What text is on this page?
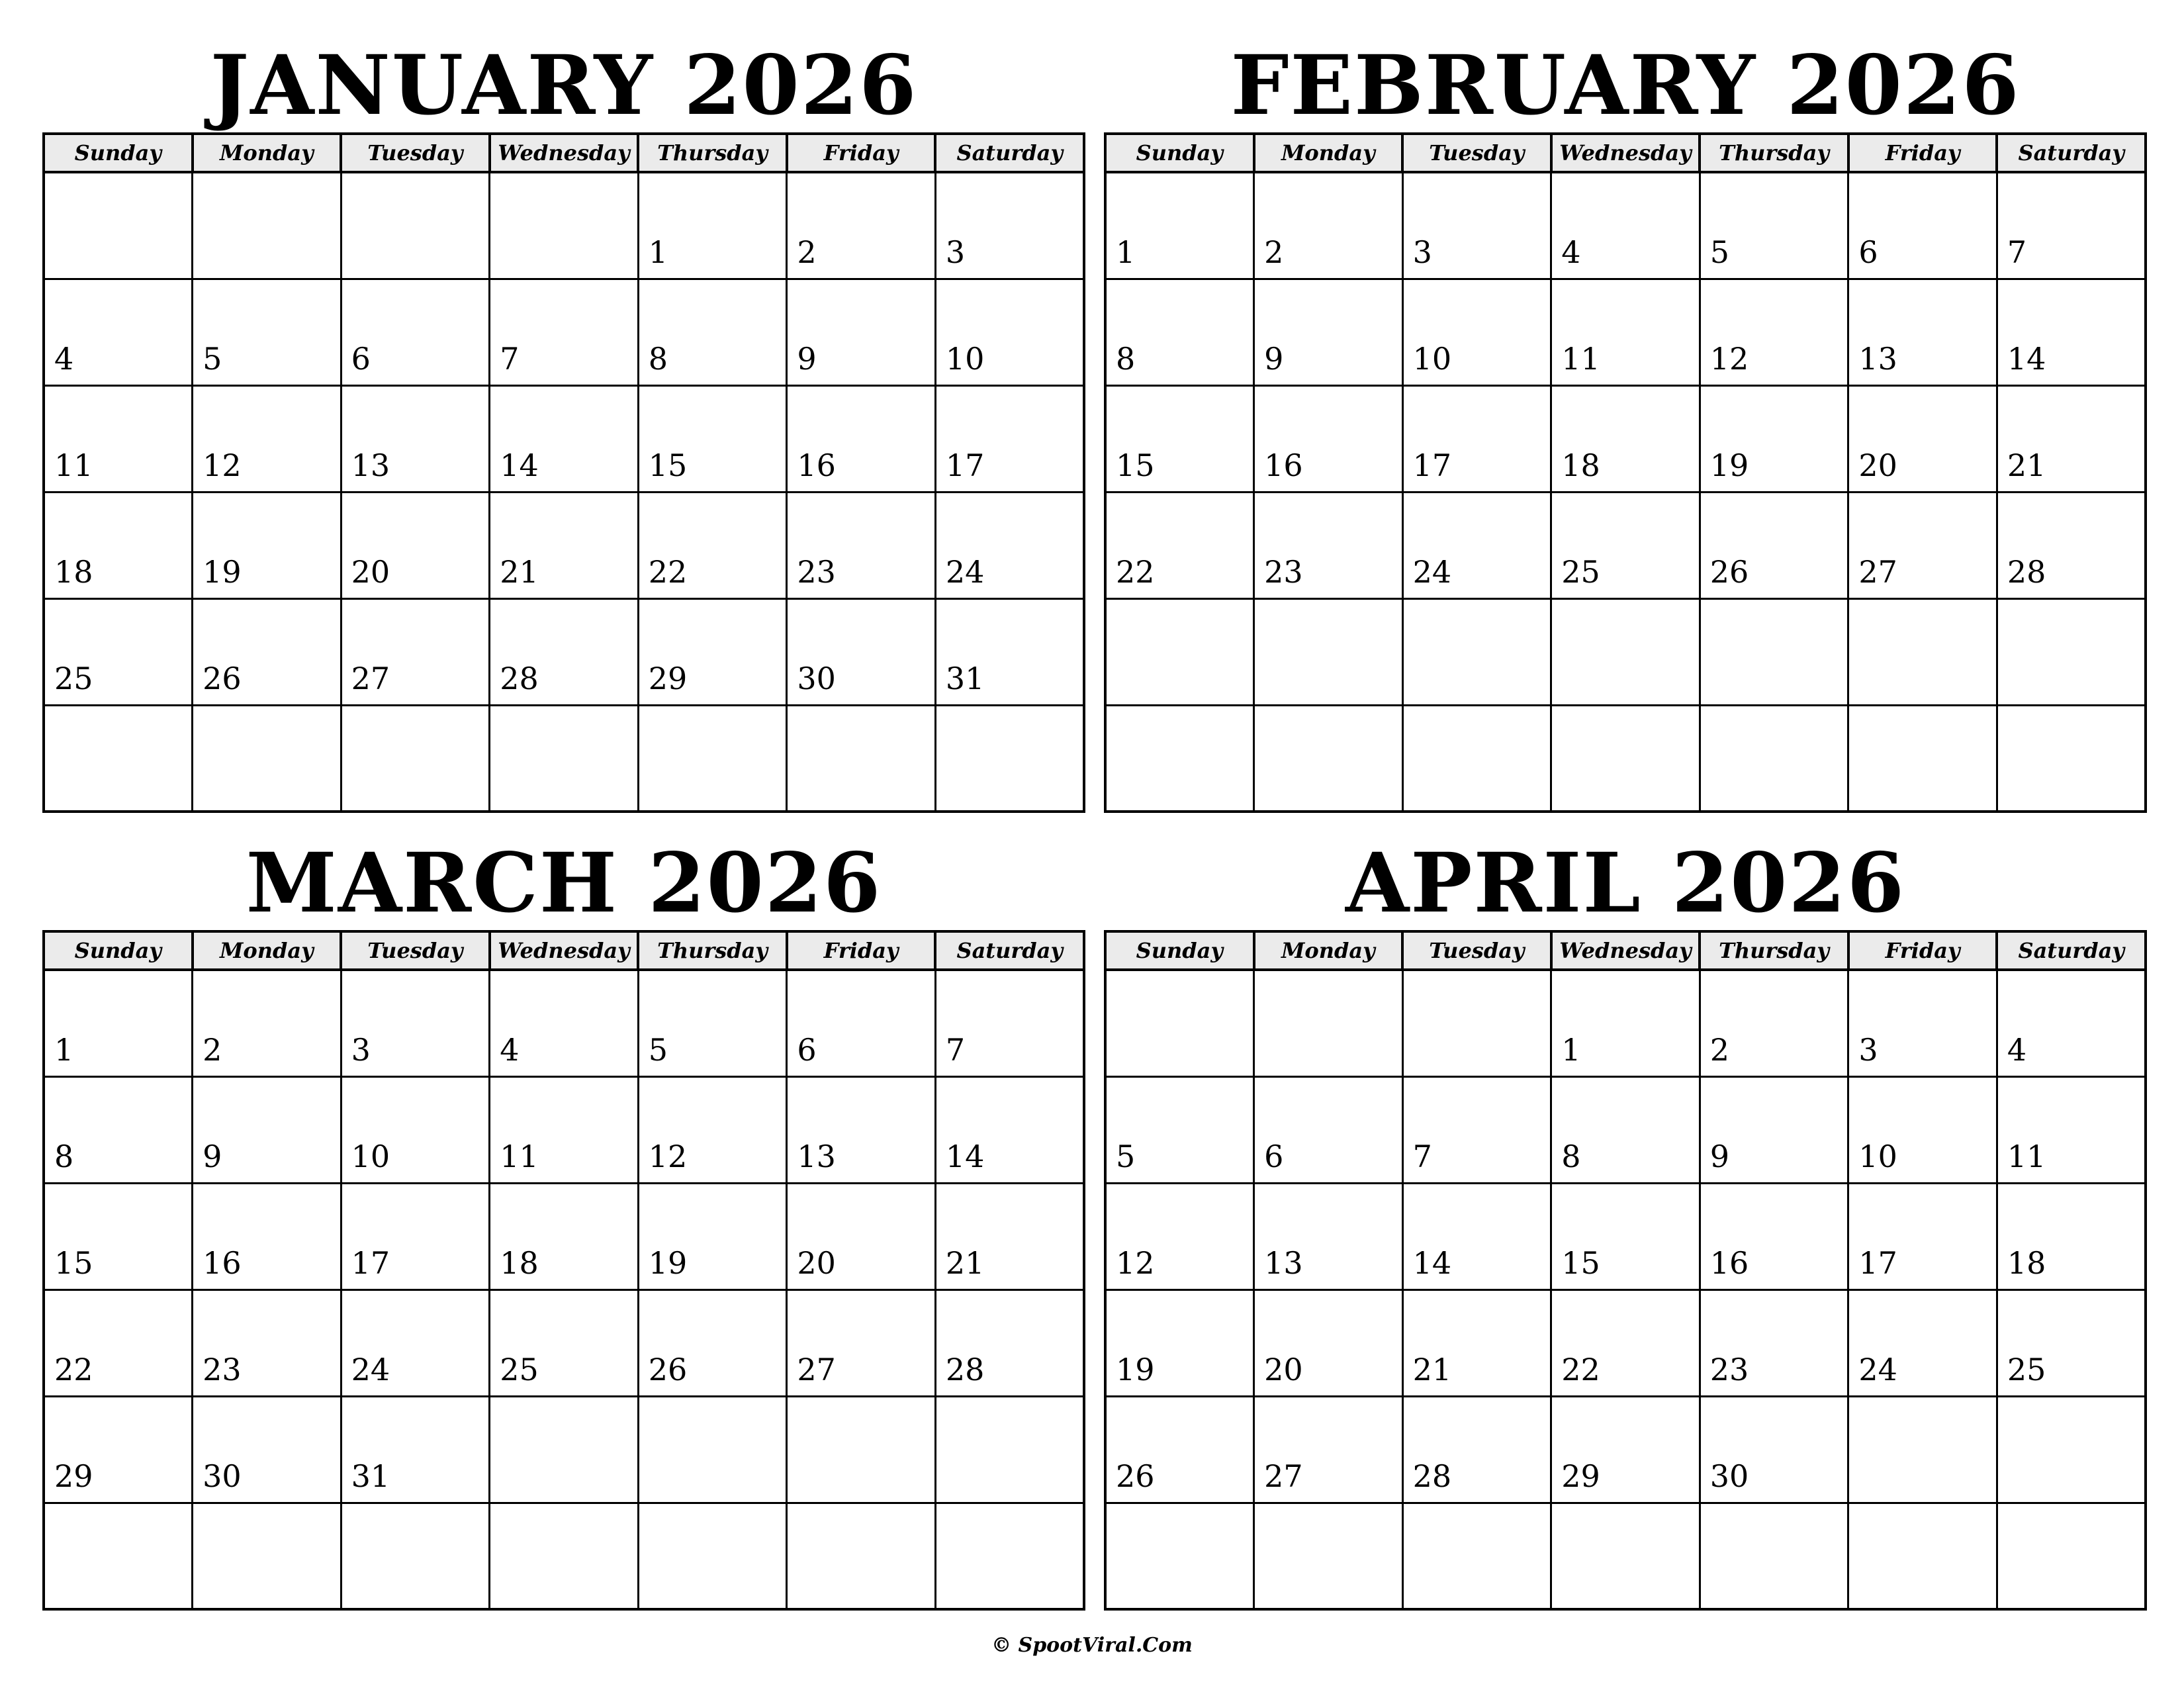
JANUARY 2026
Sunday	Monday	Tuesday	Wednesday	Thursday	Friday	Saturday
				1	2	3
4	5	6	7	8	9	10
11	12	13	14	15	16	17
18	19	20	21	22	23	24
25	26	27	28	29	30	31

FEBRUARY 2026
Sunday	Monday	Tuesday	Wednesday	Thursday	Friday	Saturday
1	2	3	4	5	6	7
8	9	10	11	12	13	14
15	16	17	18	19	20	21
22	23	24	25	26	27	28

MARCH 2026
Sunday	Monday	Tuesday	Wednesday	Thursday	Friday	Saturday
1	2	3	4	5	6	7
8	9	10	11	12	13	14
15	16	17	18	19	20	21
22	23	24	25	26	27	28
29	30	31				

APRIL 2026
Sunday	Monday	Tuesday	Wednesday	Thursday	Friday	Saturday
			1	2	3	4
5	6	7	8	9	10	11
12	13	14	15	16	17	18
19	20	21	22	23	24	25
26	27	28	29	30		

© SpootViral.Com
